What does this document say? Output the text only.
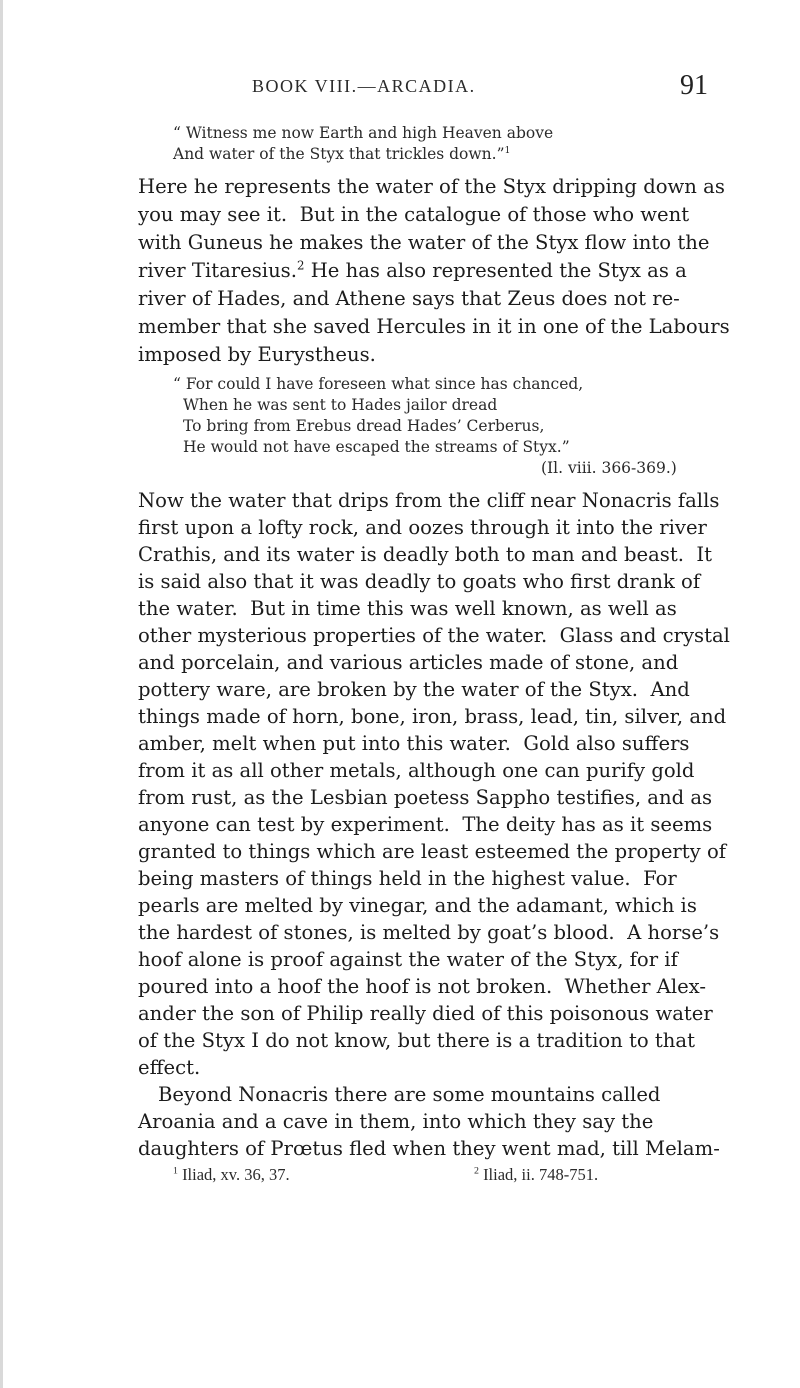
BOOK VIII.—ARCADIA.	91
“ Witness me now Earth and high Heaven above
And water of the Styx that trickles down.”$^1$
Here he represents the water of the Styx dripping down as
you may see it.  But in the catalogue of those who went
with Guneus he makes the water of the Styx flow into the
river Titaresius.$^2$ He has also represented the Styx as a
river of Hades, and Athene says that Zeus does not re-
member that she saved Hercules in it in one of the Labours
imposed by Eurystheus.
“ For could I have foreseen what since has chanced,
When he was sent to Hades jailor dread
To bring from Erebus dread Hades’ Cerberus,
He would not have escaped the streams of Styx.”
(Il. viii. 366-369.)
Now the water that drips from the cliff near Nonacris falls
first upon a lofty rock, and oozes through it into the river
Crathis, and its water is deadly both to man and beast.  It
is said also that it was deadly to goats who first drank of
the water.  But in time this was well known, as well as
other mysterious properties of the water.  Glass and crystal
and porcelain, and various articles made of stone, and
pottery ware, are broken by the water of the Styx.  And
things made of horn, bone, iron, brass, lead, tin, silver, and
amber, melt when put into this water.  Gold also suffers
from it as all other metals, although one can purify gold
from rust, as the Lesbian poetess Sappho testifies, and as
anyone can test by experiment.  The deity has as it seems
granted to things which are least esteemed the property of
being masters of things held in the highest value.  For
pearls are melted by vinegar, and the adamant, which is
the hardest of stones, is melted by goat’s blood.  A horse’s
hoof alone is proof against the water of the Styx, for if
poured into a hoof the hoof is not broken.  Whether Alex-
ander the son of Philip really died of this poisonous water
of the Styx I do not know, but there is a tradition to that
effect.
Beyond Nonacris there are some mountains called
Aroania and a cave in them, into which they say the
daughters of Prœtus fled when they went mad, till Melam-
$^1$ Iliad, xv. 36, 37.	$^2$ Iliad, ii. 748-751.
